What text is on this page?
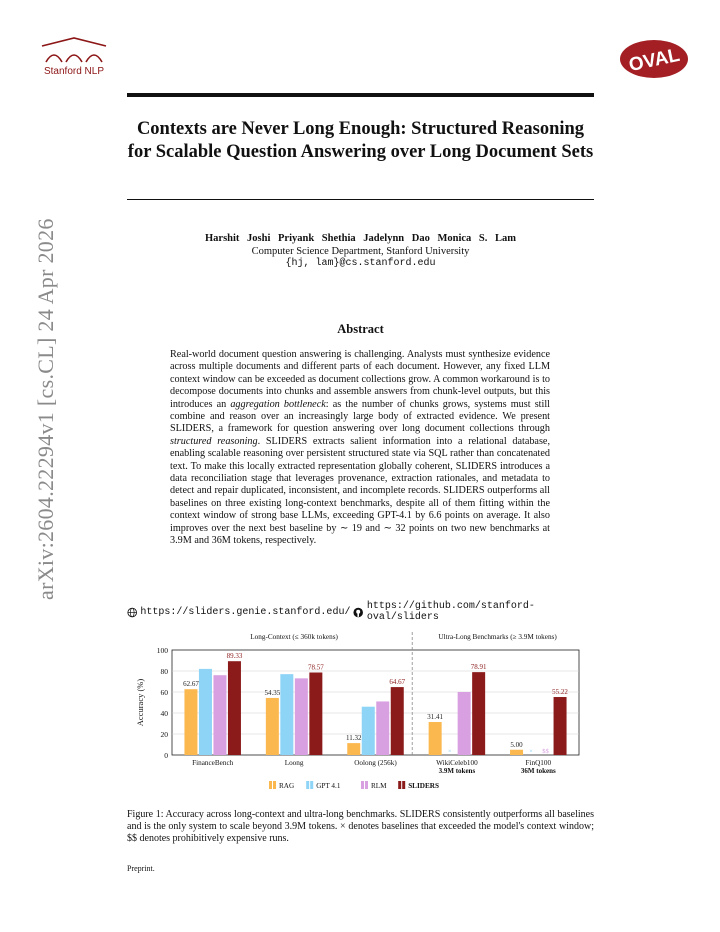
Stanford NLP	OVAL
arXiv:2604.22294v1 [cs.CL] 24 Apr 2026
Contexts are Never Long Enough: Structured Reasoning for Scalable Question Answering over Long Document Sets
Harshit Joshi Priyank Shethia Jadelynn Dao Monica S. Lam
Computer Science Department, Stanford University
{hj, lam}@cs.stanford.edu
Abstract
Real-world document question answering is challenging. Analysts must synthesize evidence across multiple documents and different parts of each document. However, any fixed LLM context window can be exceeded as document collections grow. A common workaround is to decompose documents into chunks and assemble answers from chunk-level outputs, but this introduces an aggregation bottleneck: as the number of chunks grows, systems must still combine and reason over an increasingly large body of extracted evidence. We present SLIDERS, a framework for question answering over long document collections through structured reasoning. SLIDERS extracts salient information into a relational database, enabling scalable reasoning over persistent structured state via SQL rather than concatenated text. To make this locally extracted representation globally coherent, SLIDERS introduces a data reconciliation stage that leverages provenance, extraction rationales, and metadata to detect and repair duplicated, inconsistent, and incomplete records. SLIDERS outperforms all baselines on three existing long-context benchmarks, despite all of them fitting within the context window of strong base LLMs, exceeding GPT-4.1 by 6.6 points on average. It also improves over the next best baseline by ∼ 19 and ∼ 32 points on two new benchmarks at 3.9M and 36M tokens, respectively.
https://sliders.genie.stanford.edu/ https://github.com/stanford-oval/sliders
0
20
40
60
80
100
Accuracy (%)
Long-Context (≤ 360k tokens)	Ultra-Long Benchmarks (≥ 3.9M tokens)
62.67
89.33
FinanceBench
54.35
78.57
Loong
11.32
64.67
Oolong (256k)
31.41
×
78.91
WikiCeleb100
3.9M tokens
5.00
× $$
55.22
FinQ100
36M tokens
RAG	GPT 4.1	RLM	SLIDERS
Figure 1: Accuracy across long-context and ultra-long benchmarks. SLIDERS consistently outperforms all baselines and is the only system to scale beyond 3.9M tokens. × denotes baselines that exceeded the model's context window; $$ denotes prohibitively expensive runs.
Preprint.
